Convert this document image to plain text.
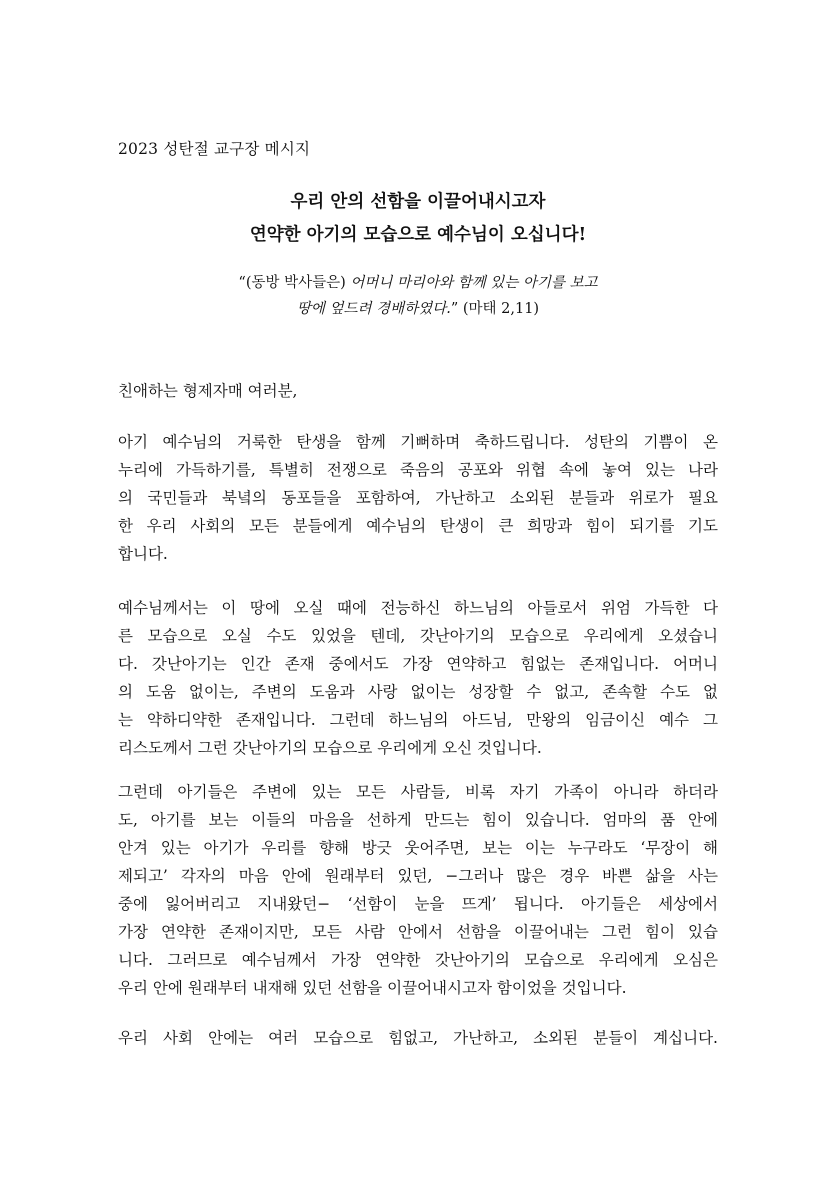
2023 성탄절 교구장 메시지
우리 안의 선함을 이끌어내시고자
연약한 아기의 모습으로 예수님이 오십니다!
“(동방 박사들은) 어머니 마리아와 함께 있는 아기를 보고
땅에 엎드려 경배하였다.” (마태 2,11)
친애하는 형제자매 여러분,
아기 예수님의 거룩한 탄생을 함께 기뻐하며 축하드립니다. 성탄의 기쁨이 온
누리에 가득하기를, 특별히 전쟁으로 죽음의 공포와 위협 속에 놓여 있는 나라
의 국민들과 북녘의 동포들을 포함하여, 가난하고 소외된 분들과 위로가 필요
한 우리 사회의 모든 분들에게 예수님의 탄생이 큰 희망과 힘이 되기를 기도
합니다.
예수님께서는 이 땅에 오실 때에 전능하신 하느님의 아들로서 위엄 가득한 다
른 모습으로 오실 수도 있었을 텐데, 갓난아기의 모습으로 우리에게 오셨습니
다. 갓난아기는 인간 존재 중에서도 가장 연약하고 힘없는 존재입니다. 어머니
의 도움 없이는, 주변의 도움과 사랑 없이는 성장할 수 없고, 존속할 수도 없
는 약하디약한 존재입니다. 그런데 하느님의 아드님, 만왕의 임금이신 예수 그
리스도께서 그런 갓난아기의 모습으로 우리에게 오신 것입니다.
그런데 아기들은 주변에 있는 모든 사람들, 비록 자기 가족이 아니라 하더라
도, 아기를 보는 이들의 마음을 선하게 만드는 힘이 있습니다. 엄마의 품 안에
안겨 있는 아기가 우리를 향해 방긋 웃어주면, 보는 이는 누구라도 ‘무장이 해
제되고’ 각자의 마음 안에 원래부터 있던, −그러나 많은 경우 바쁜 삶을 사는
중에 잃어버리고 지내왔던− ‘선함이 눈을 뜨게’ 됩니다. 아기들은 세상에서
가장 연약한 존재이지만, 모든 사람 안에서 선함을 이끌어내는 그런 힘이 있습
니다. 그러므로 예수님께서 가장 연약한 갓난아기의 모습으로 우리에게 오심은
우리 안에 원래부터 내재해 있던 선함을 이끌어내시고자 함이었을 것입니다.
우리 사회 안에는 여러 모습으로 힘없고, 가난하고, 소외된 분들이 계십니다.
